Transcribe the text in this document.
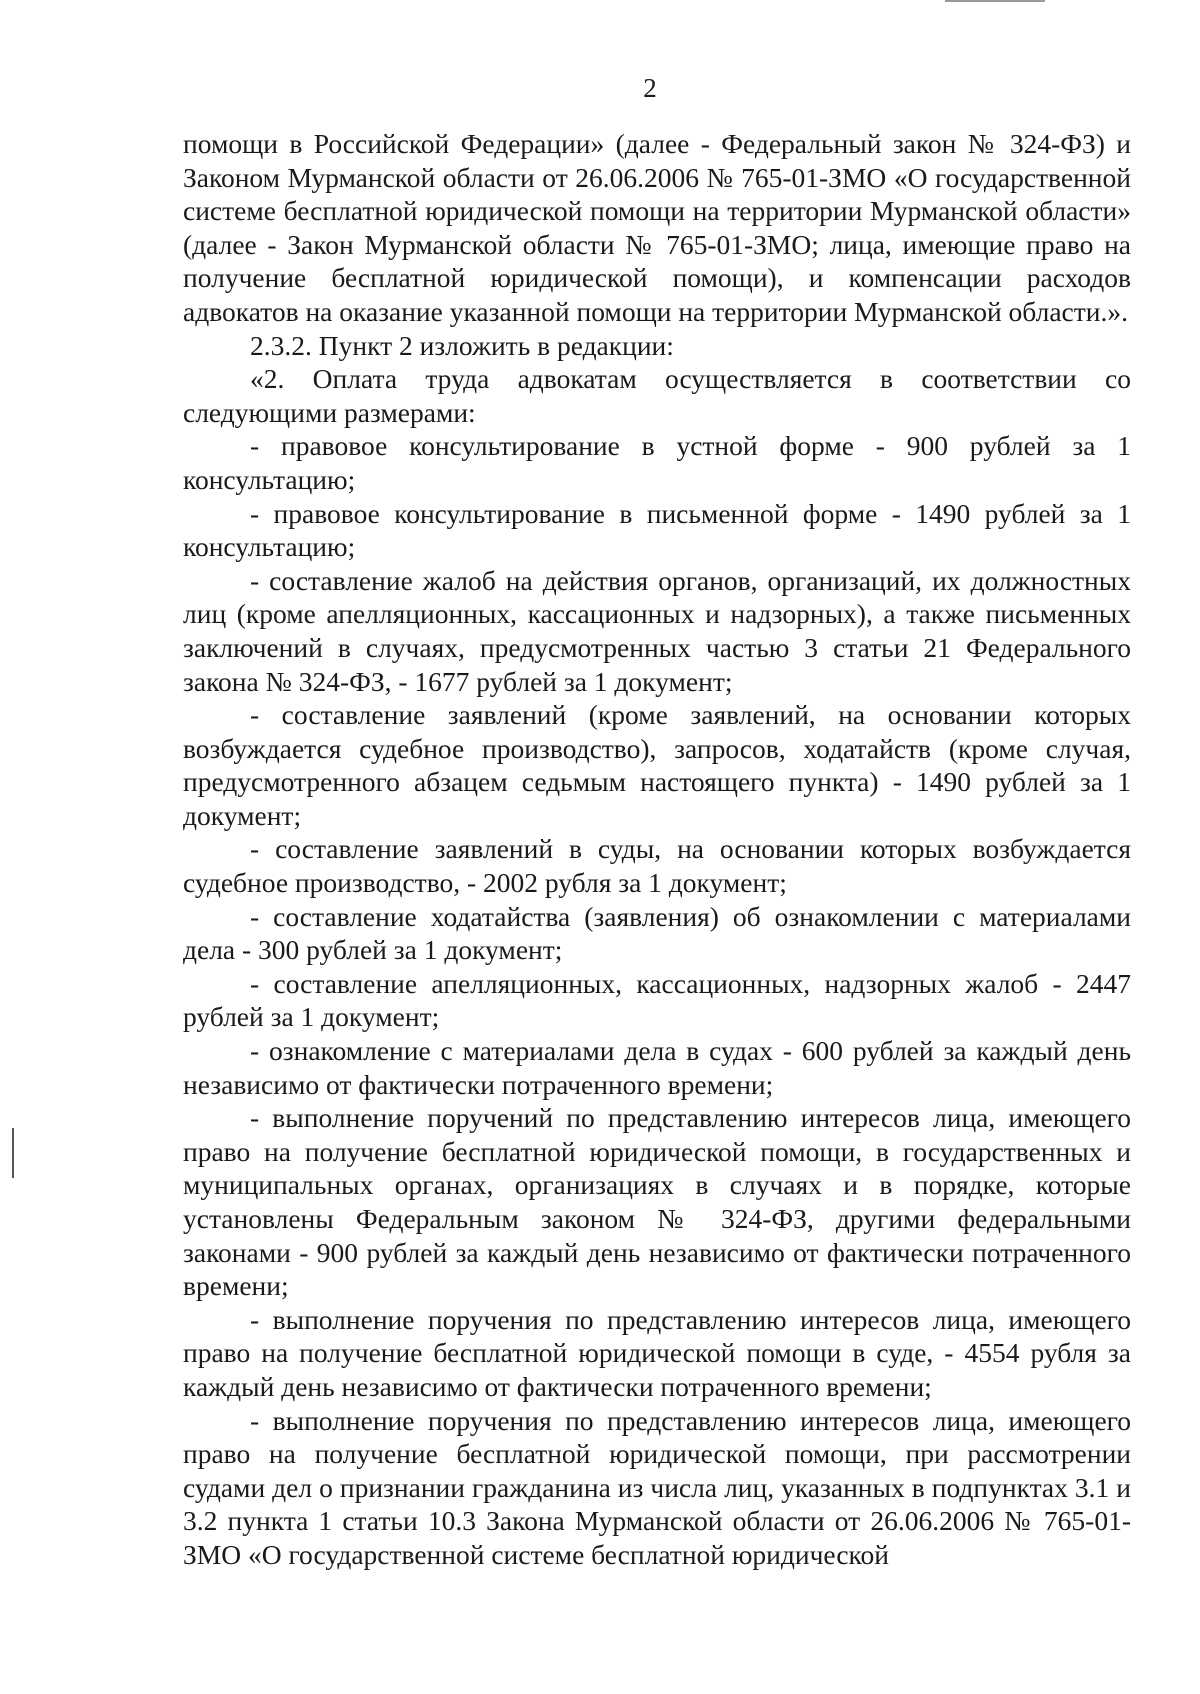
2

помощи в Российской Федерации» (далее - Федеральный закон № 324-ФЗ) и Законом Мурманской области от 26.06.2006 № 765-01-ЗМО «О государственной системе бесплатной юридической помощи на территории Мурманской области» (далее - Закон Мурманской области № 765-01-ЗМО; лица, имеющие право на получение бесплатной юридической помощи), и компенсации расходов адвокатов на оказание указанной помощи на территории Мурманской области.».

2.3.2. Пункт 2 изложить в редакции:

«2. Оплата труда адвокатам осуществляется в соответствии со следующими размерами:

- правовое консультирование в устной форме - 900 рублей за 1 консультацию;

- правовое консультирование в письменной форме - 1490 рублей за 1 консультацию;

- составление жалоб на действия органов, организаций, их должностных лиц (кроме апелляционных, кассационных и надзорных), а также письменных заключений в случаях, предусмотренных частью 3 статьи 21 Федерального закона № 324-ФЗ, - 1677 рублей за 1 документ;

- составление заявлений (кроме заявлений, на основании которых возбуждается судебное производство), запросов, ходатайств (кроме случая, предусмотренного абзацем седьмым настоящего пункта) - 1490 рублей за 1 документ;

- составление заявлений в суды, на основании которых возбуждается судебное производство, - 2002 рубля за 1 документ;

- составление ходатайства (заявления) об ознакомлении с материалами дела - 300 рублей за 1 документ;

- составление апелляционных, кассационных, надзорных жалоб - 2447 рублей за 1 документ;

- ознакомление с материалами дела в судах - 600 рублей за каждый день независимо от фактически потраченного времени;

- выполнение поручений по представлению интересов лица, имеющего право на получение бесплатной юридической помощи, в государственных и муниципальных органах, организациях в случаях и в порядке, которые установлены Федеральным законом № 324-ФЗ, другими федеральными законами - 900 рублей за каждый день независимо от фактически потраченного времени;

- выполнение поручения по представлению интересов лица, имеющего право на получение бесплатной юридической помощи в суде, - 4554 рубля за каждый день независимо от фактически потраченного времени;

- выполнение поручения по представлению интересов лица, имеющего право на получение бесплатной юридической помощи, при рассмотрении судами дел о признании гражданина из числа лиц, указанных в подпунктах 3.1 и 3.2 пункта 1 статьи 10.3 Закона Мурманской области от 26.06.2006 № 765-01-ЗМО «О государственной системе бесплатной юридической
